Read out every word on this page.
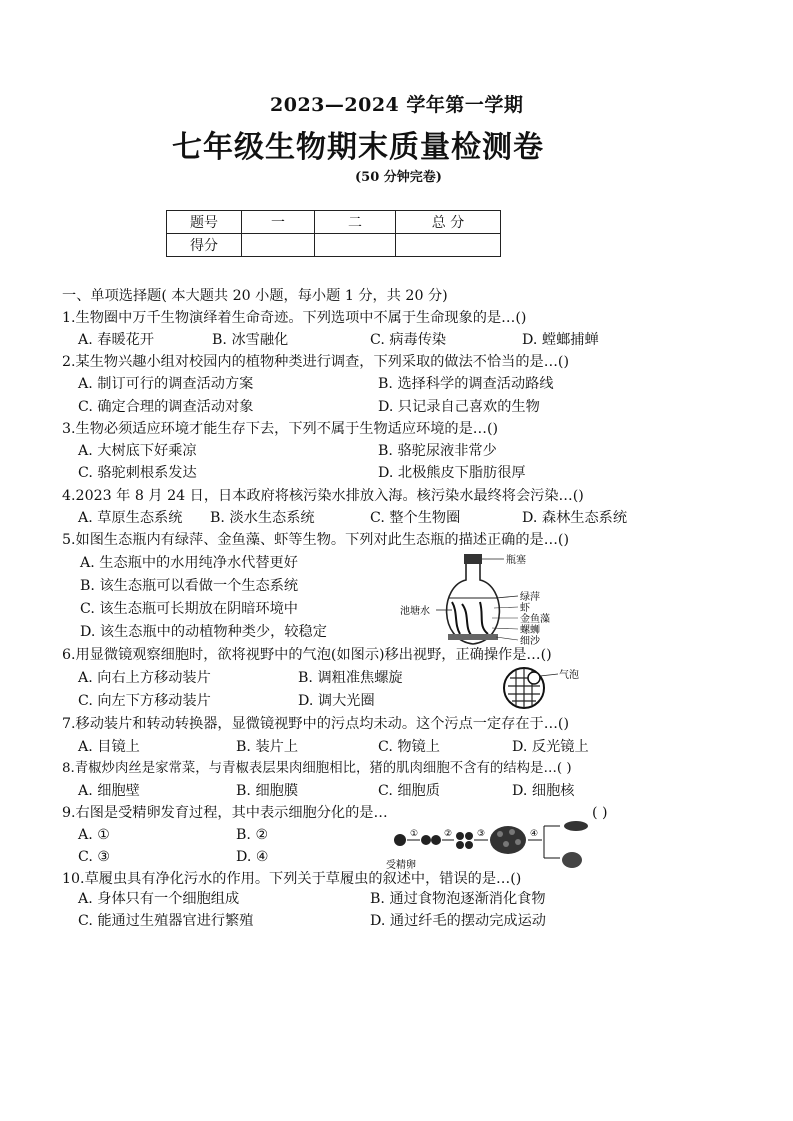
2023—2024 学年第一学期
七年级生物期末质量检测卷
(50 分钟完卷)
题号	一	二	总 分
得分			
一、单项选择题( 本大题共 20 小题，每小题 1 分，共 20 分)
1.生物圈中万千生物演绎着生命奇迹。下列选项中不属于生命现象的是…()
A. 春暖花开	B. 冰雪融化	C. 病毒传染	D. 螳螂捕蝉
2.某生物兴趣小组对校园内的植物种类进行调查，下列采取的做法不恰当的是…()
A. 制订可行的调查活动方案	B. 选择科学的调查活动路线
C. 确定合理的调查活动对象	D. 只记录自己喜欢的生物
3.生物必须适应环境才能生存下去，下列不属于生物适应环境的是…()
A. 大树底下好乘凉	B. 骆驼尿液非常少
C. 骆驼刺根系发达	D. 北极熊皮下脂肪很厚
4.2023 年 8 月 24 日，日本政府将核污染水排放入海。核污染水最终将会污染…()
A. 草原生态系统 B. 淡水生态系统	C. 整个生物圈	D. 森林生态系统
5.如图生态瓶内有绿萍、金鱼藻、虾等生物。下列对此生态瓶的描述正确的是…()
A. 生态瓶中的水用纯净水代替更好
B. 该生态瓶可以看做一个生态系统
C. 该生态瓶可长期放在阴暗环境中
D. 该生态瓶中的动植物种类少，较稳定
瓶塞
池塘水
绿萍
虾
金鱼藻
螺蛳
细沙
6.用显微镜观察细胞时，欲将视野中的气泡(如图示)移出视野，正确操作是…()
A. 向右上方移动装片	B. 调粗准焦螺旋
C. 向左下方移动装片	D. 调大光圈
气泡
7.移动装片和转动转换器，显微镜视野中的污点均未动。这个污点一定存在于…()
A. 目镜上	B. 装片上	C. 物镜上	D. 反光镜上
8.青椒炒肉丝是家常菜，与青椒表层果肉细胞相比，猪的肌肉细胞不含有的结构是…( )
A. 细胞壁	B. 细胞膜	C. 细胞质	D. 细胞核
9.右图是受精卵发育过程，其中表示细胞分化的是…	( )
A. ①	B. ②
C. ③	D. ④
受精卵
①	②	③	④
10.草履虫具有净化污水的作用。下列关于草履虫的叙述中，错误的是…()
A. 身体只有一个细胞组成	B. 通过食物泡逐渐消化食物
C. 能通过生殖器官进行繁殖	D. 通过纤毛的摆动完成运动
